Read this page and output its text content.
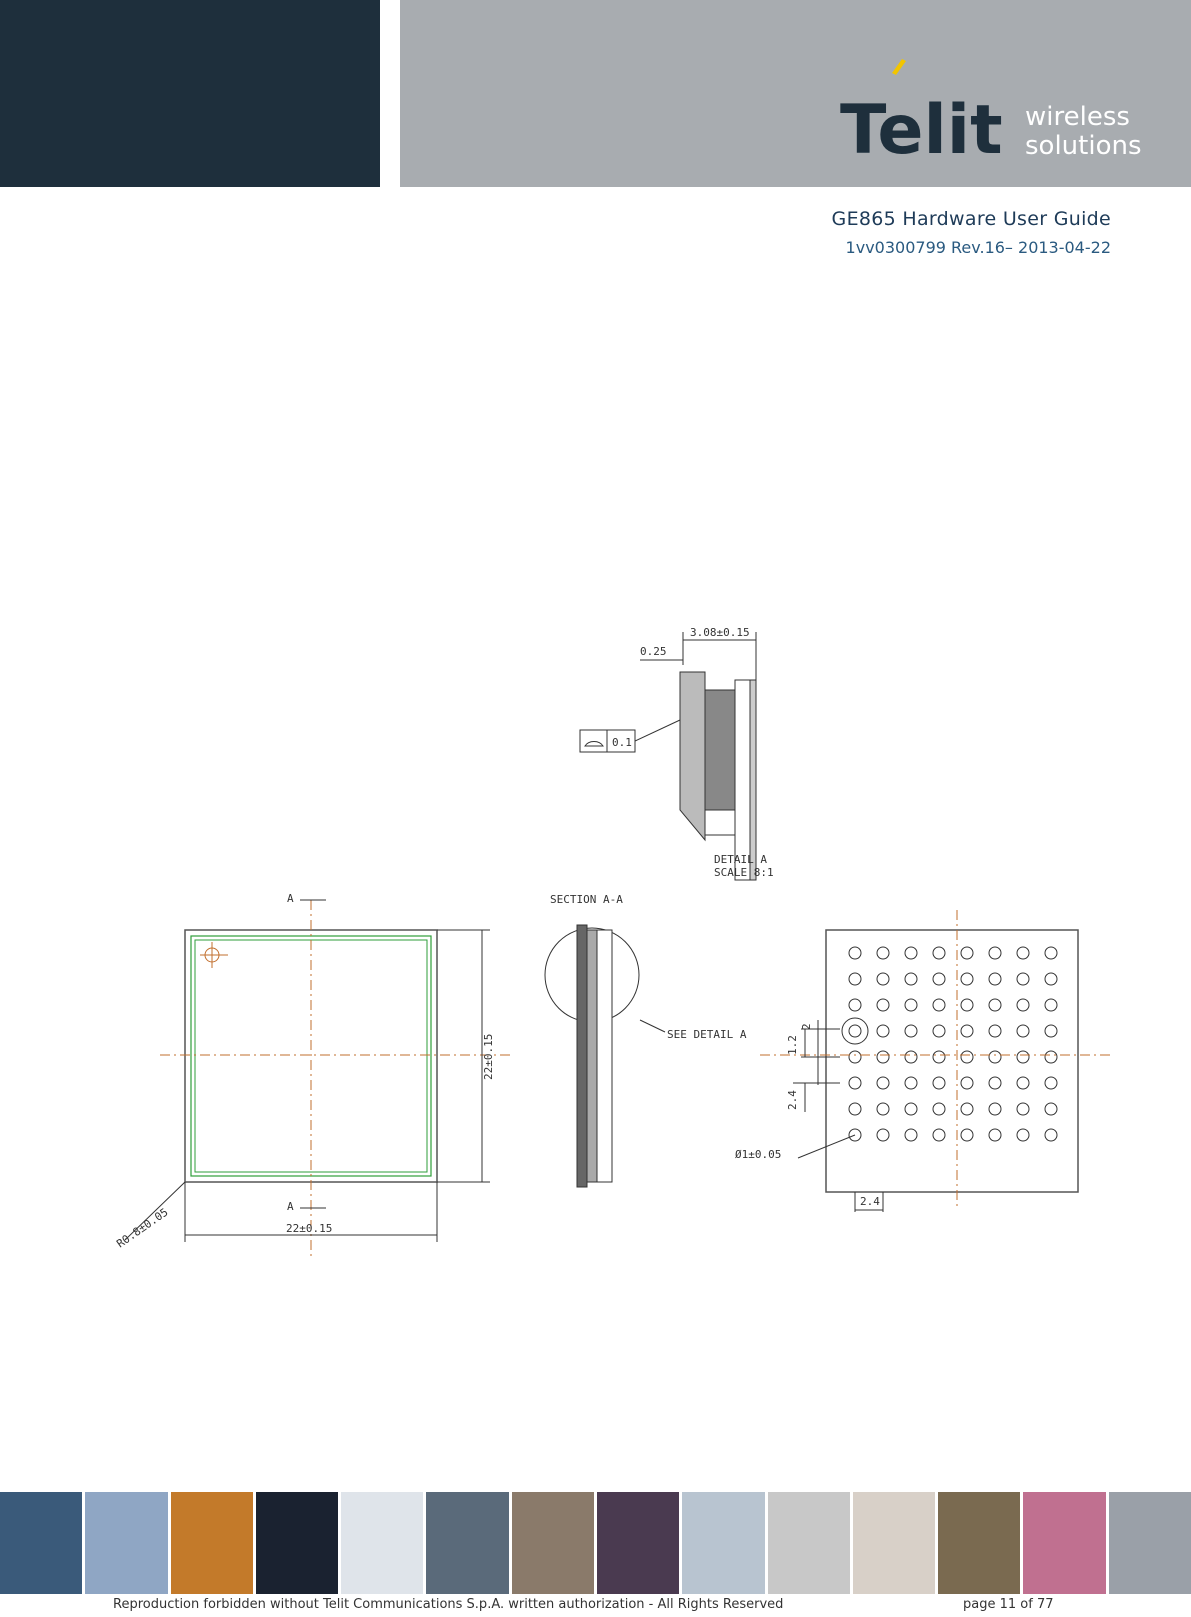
Telit wireless
solutions
GE865 Hardware User Guide
1vv0300799 Rev.16– 2013-04-22
3.08±0.15
0.25
0.1
DETAIL A
SCALE 8:1
A
A
22±0.15
22±0.15
R0.8±0.05
SECTION A-A
SEE DETAIL A
1.2
2
2.4
Ø1±0.05
2.4
Reproduction forbidden without Telit Communications S.p.A. written authorization - All Rights Reserved	page 11 of 77
